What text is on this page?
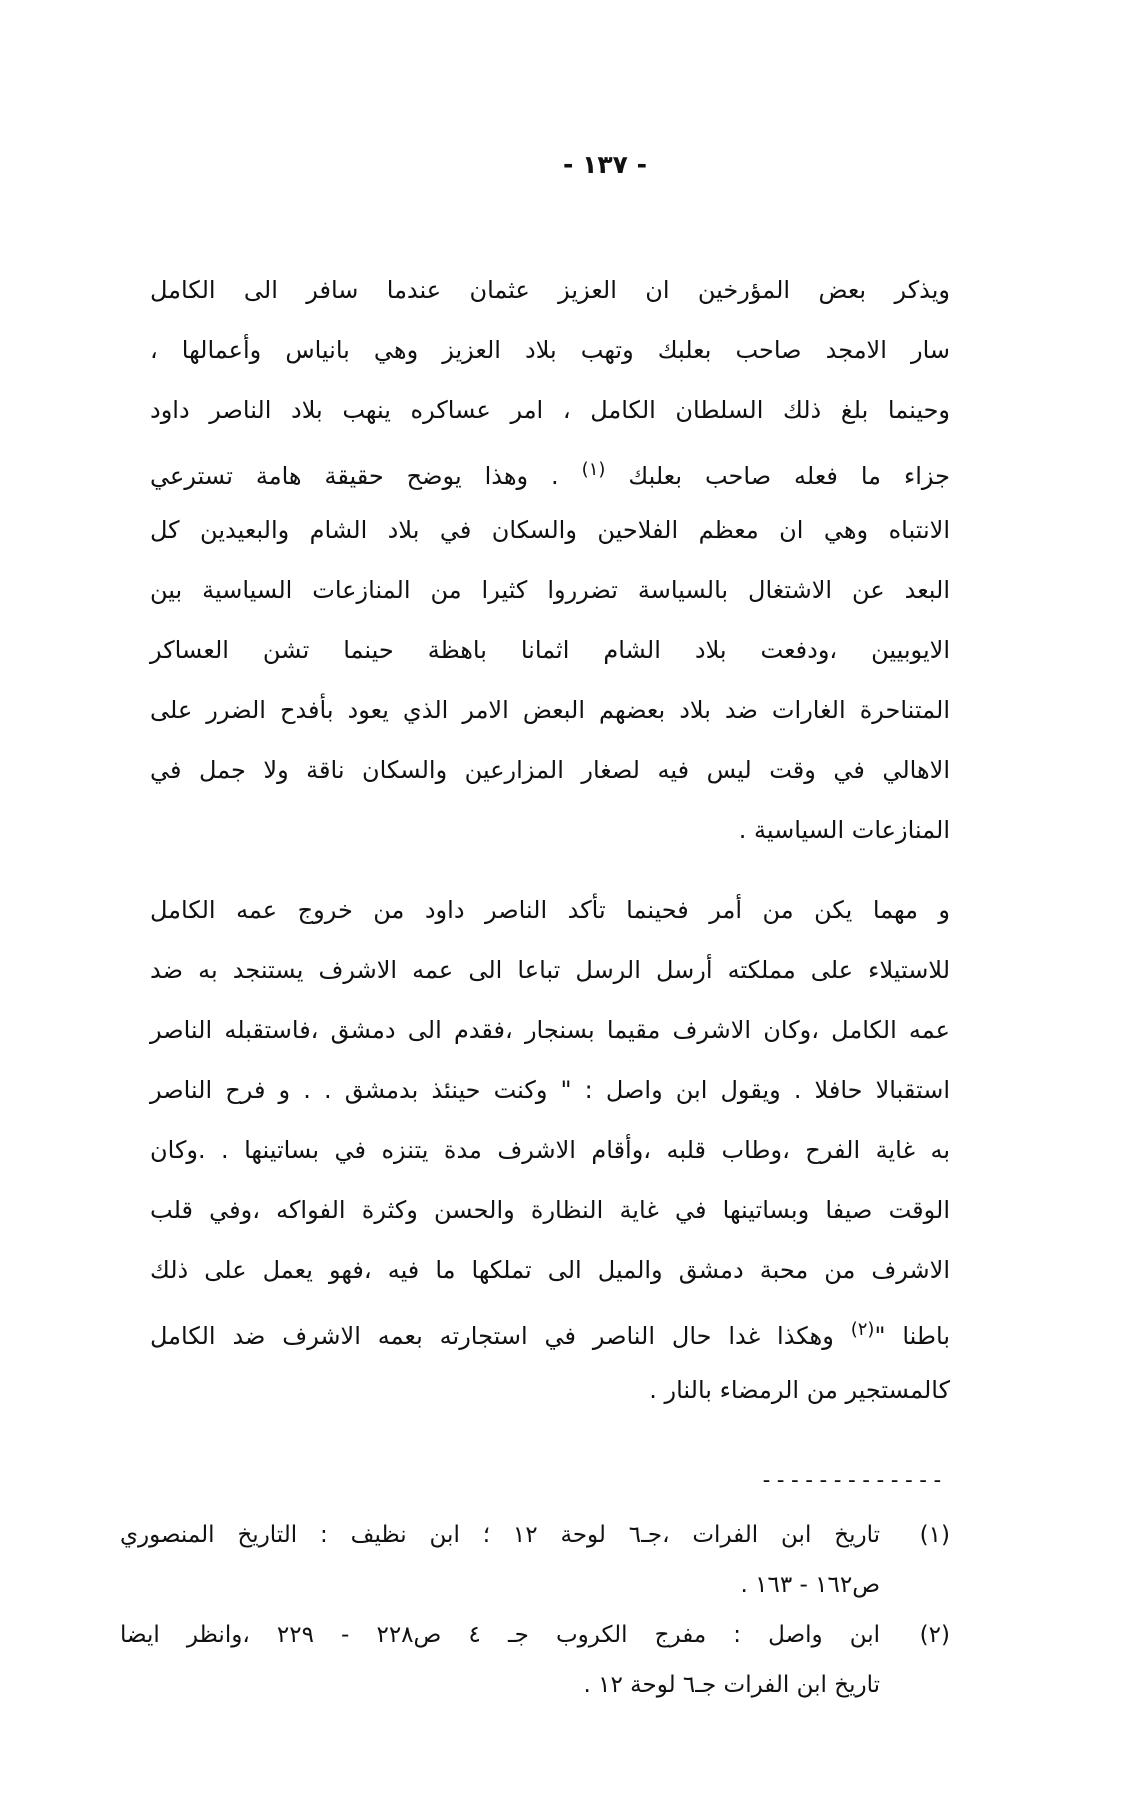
- ١٣٧ -
ويذكر بعض المؤرخين ان العزيز عثمان عندما سافر الى الكامل
سار الامجد صاحب بعلبك وتهب بلاد العزيز وهي بانياس وأعمالها ،
وحينما بلغ ذلك السلطان الكامل ، امر عساكره ينهب بلاد الناصر داود
جزاء ما فعله صاحب بعلبك $^{(١)}$ . وهذا يوضح حقيقة هامة تسترعي
الانتباه وهي ان معظم الفلاحين والسكان في بلاد الشام والبعيدين كل
البعد عن الاشتغال بالسياسة تضرروا كثيرا من المنازعات السياسية بين
الايوبيين ،ودفعت بلاد الشام اثمانا باهظة حينما تشن العساكر
المتناحرة الغارات ضد بلاد بعضهم البعض الامر الذي يعود بأفدح الضرر على
الاهالي في وقت ليس فيه لصغار المزارعين والسكان ناقة ولا جمل في
المنازعات السياسية .
و مهما يكن من أمر فحينما تأكد الناصر داود من خروج عمه الكامل
للاستيلاء على مملكته أرسل الرسل تباعا الى عمه الاشرف يستنجد به ضد
عمه الكامل ،وكان الاشرف مقيما بسنجار ،فقدم الى دمشق ،فاستقبله الناصر
استقبالا حافلا . ويقول ابن واصل : " وكنت حينئذ بدمشق . . و فرح الناصر
به غاية الفرح ،وطاب قلبه ،وأقام الاشرف مدة يتنزه في بساتينها . .وكان
الوقت صيفا وبساتينها في غاية النظارة والحسن وكثرة الفواكه ،وفي قلب
الاشرف من محبة دمشق والميل الى تملكها ما فيه ،فهو يعمل على ذلك
باطنا "$^{(٢)}$ وهكذا غدا حال الناصر في استجارته بعمه الاشرف ضد الكامل
كالمستجير من الرمضاء بالنار .
-------------
(١)
تاريخ ابن الفرات ،جـ٦ لوحة ١٢ ؛ ابن نظيف : التاريخ المنصوري
ص١٦٢ - ١٦٣ .
(٢)
ابن واصل : مفرج الكروب جـ ٤ ص٢٢٨ - ٢٢٩ ،وانظر ايضا
تاريخ ابن الفرات جـ٦ لوحة ١٢ .
